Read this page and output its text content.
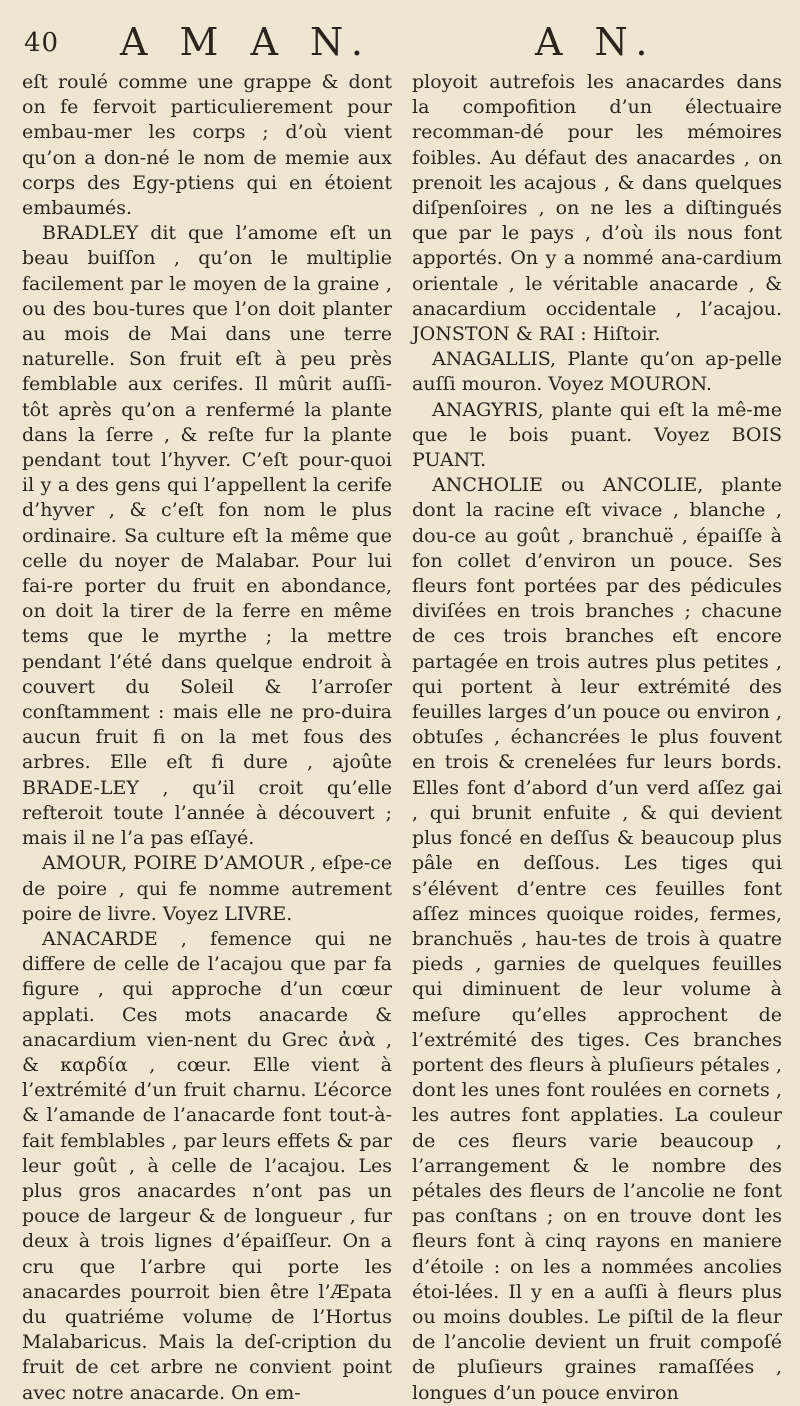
40 A M A N.	A N.

eſt roulé comme une grappe & dont on fe fervoit particulierement pour embau-mer les corps ; d’où vient qu’on a don-né le nom de memie aux corps des Egy-ptiens qui en étoient embaumés.

BRADLEY dit que l’amome eſt un beau buiſſon , qu’on le multiplie facilement par le moyen de la graine , ou des bou-tures que l’on doit planter au mois de Mai dans une terre naturelle. Son fruit eſt à peu près femblable aux cerifes. Il mûrit auſſi-tôt après qu’on a renfermé la plante dans la ſerre , & reſte fur la plante pendant tout l’hyver. C’eſt pour-quoi il y a des gens qui l’appellent la cerife d’hyver , & c’eſt fon nom le plus ordinaire. Sa culture eſt la même que celle du noyer de Malabar. Pour lui fai-re porter du fruit en abondance, on doit la tirer de la ferre en même tems que le myrthe ; la mettre pendant l’été dans quelque endroit à couvert du Soleil & l’arroſer conſtamment : mais elle ne pro-duira aucun fruit fi on la met fous des arbres. Elle eſt fi dure , ajoûte BRADE-LEY , qu’il croit qu’elle refteroit toute l’année à découvert ; mais il ne l’a pas eſſayé.

AMOUR, POIRE D’AMOUR , eſpe-ce de poire , qui fe nomme autrement poire de livre. Voyez LIVRE.

ANACARDE , femence qui ne differe de celle de l’acajou que par fa figure , qui approche d’un cœur applati. Ces mots anacarde & anacardium vien-nent du Grec ἀνὰ , & καρδία , cœur. Elle vient à l’extrémité d’un fruit charnu. L’écorce & l’amande de l’anacarde font tout-à-fait femblables , par leurs effets & par leur goût , à celle de l’acajou. Les plus gros anacardes n’ont pas un pouce de largeur & de longueur , fur deux à trois lignes d’épaiſſeur. On a cru que l’arbre qui porte les anacardes pourroit bien être l’Æpata du quatriéme volume de l’Hortus Malabaricus. Mais la deſ-cription du fruit de cet arbre ne convient point avec notre anacarde. On em-

ployoit autrefois les anacardes dans la compofition d’un électuaire recomman-dé pour les mémoires foibles. Au défaut des anacardes , on prenoit les acajous , & dans quelques diſpenſoires , on ne les a diſtingués que par le pays , d’où ils nous font apportés. On y a nommé ana-cardium orientale , le véritable anacarde , & anacardium occidentale , l’acajou. JONSTON & RAI : Hiſtoir.

ANAGALLIS, Plante qu’on ap-pelle auſſi mouron. Voyez MOURON.

ANAGYRIS, plante qui eſt la mê-me que le bois puant. Voyez BOIS PUANT.

ANCHOLIE ou ANCOLIE, plante dont la racine eſt vivace , blanche , dou-ce au goût , branchuë , épaiſſe à fon collet d’environ un pouce. Ses fleurs font portées par des pédicules diviſées en trois branches ; chacune de ces trois branches eſt encore partagée en trois autres plus petites , qui portent à leur extrémité des feuilles larges d’un pouce ou environ , obtuſes , échancrées le plus fouvent en trois & crenelées fur leurs bords. Elles font d’abord d’un verd aſſez gai , qui brunit enfuite , & qui devient plus foncé en deſſus & beaucoup plus pâle en deſſous. Les tiges qui s’élévent d’entre ces feuilles font aſſez minces quoique roides, fermes, branchuës , hau-tes de trois à quatre pieds , garnies de quelques feuilles qui diminuent de leur volume à meſure qu’elles approchent de l’extrémité des tiges. Ces branches portent des fleurs à pluſieurs pétales , dont les unes font roulées en cornets , les autres font applaties. La couleur de ces fleurs varie beaucoup , l’arrangement & le nombre des pétales des fleurs de l’ancolie ne font pas conſtans ; on en trouve dont les fleurs font à cinq rayons en maniere d’étoile : on les a nommées ancolies étoi-lées. Il y en a auſſi à fleurs plus ou moins doubles. Le piſtil de la fleur de l’ancolie devient un fruit compoſé de pluſieurs graines ramaſſées , longues d’un pouce environ
